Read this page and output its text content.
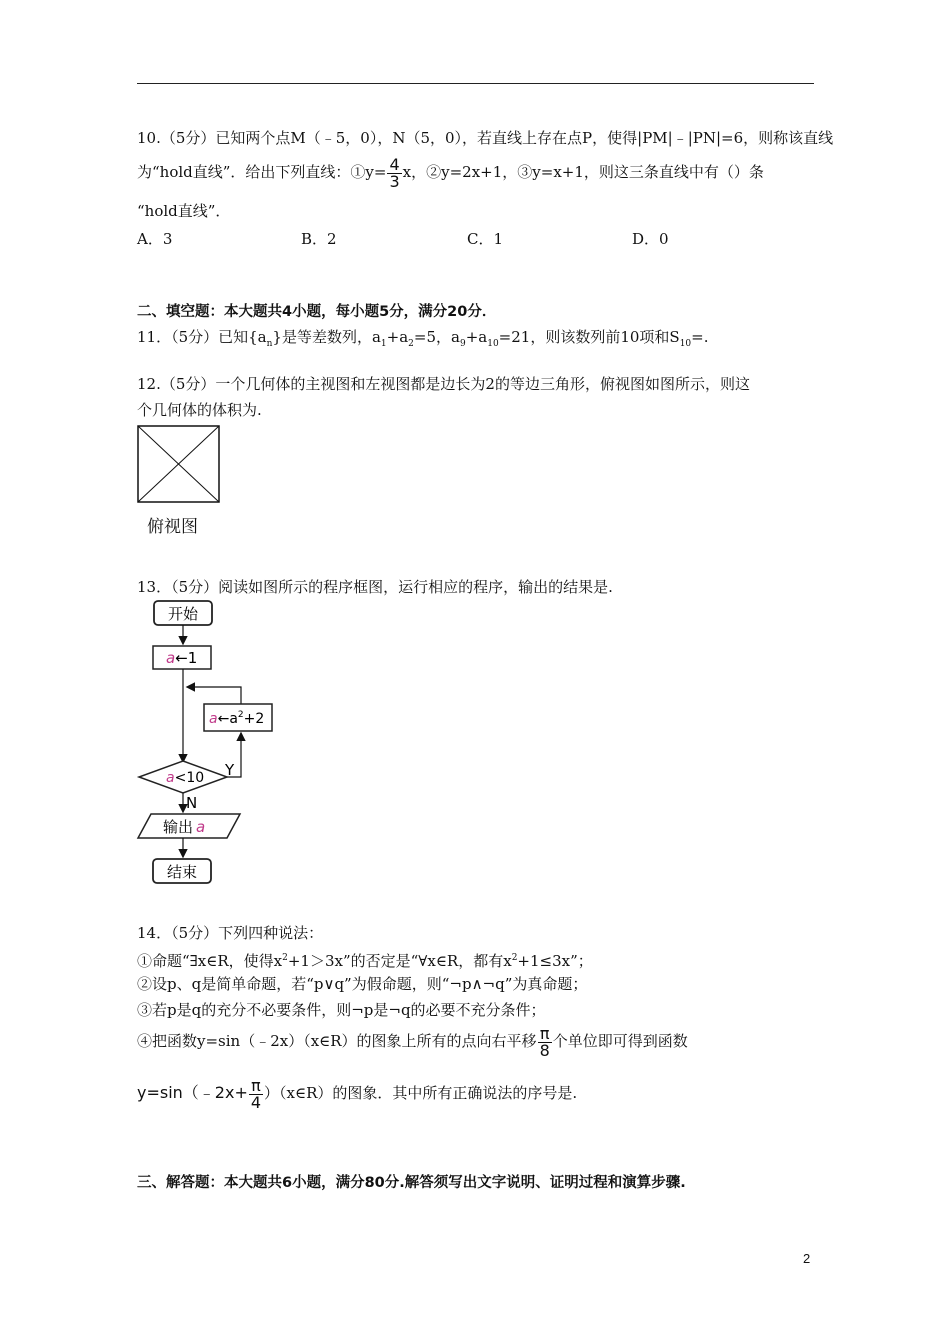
10.（5分）已知两个点M（﹣5，0），N（5，0），若直线上存在点P，使得|PM|﹣|PN|=6，则称该直线
为“hold直线”．给出下列直线：①y= $\frac{4}{3}$ x，②y=2x+1，③y=x+1，则这三条直线中有（）条
“hold直线”．
A．3	B．2	C．1	D．0
二、填空题：本大题共4小题，每小题5分，满分20分．
11．（5分）已知$\{a_n\}$是等差数列，$a_1+a_2=5$，$a_9+a_{10}=21$，则该数列前10项和$S_{10}=$.
12.（5分）一个几何体的主视图和左视图都是边长为2的等边三角形，俯视图如图所示，则这
个几何体的体积为.
俯视图
13．（5分）阅读如图所示的程序框图，运行相应的程序，输出的结果是.
开始
a←1
$a\leftarrow a^2+2$
a<10 Y
N
输出 a
结束
14．（5分）下列四种说法：
①命题“∃x∈R，使得$x^2+1>3x$”的否定是“∀x∈R，都有$x^2+1\le 3x$”；
②设p、q是简单命题，若“p∨q”为假命题，则“¬p∧¬q”为真命题；
③若p是q的充分不必要条件，则¬p是¬q的必要不充分条件；
④把函数y=sin（﹣2x）（x∈R）的图象上所有的点向右平移 $\frac{\pi}{8}$ 个单位即可得到函数
y=sin（﹣2x+ $\frac{\pi}{4}$ ）（x∈R）的图象．其中所有正确说法的序号是.
三、解答题：本大题共6小题，满分80分.解答须写出文字说明、证明过程和演算步骤.
2
